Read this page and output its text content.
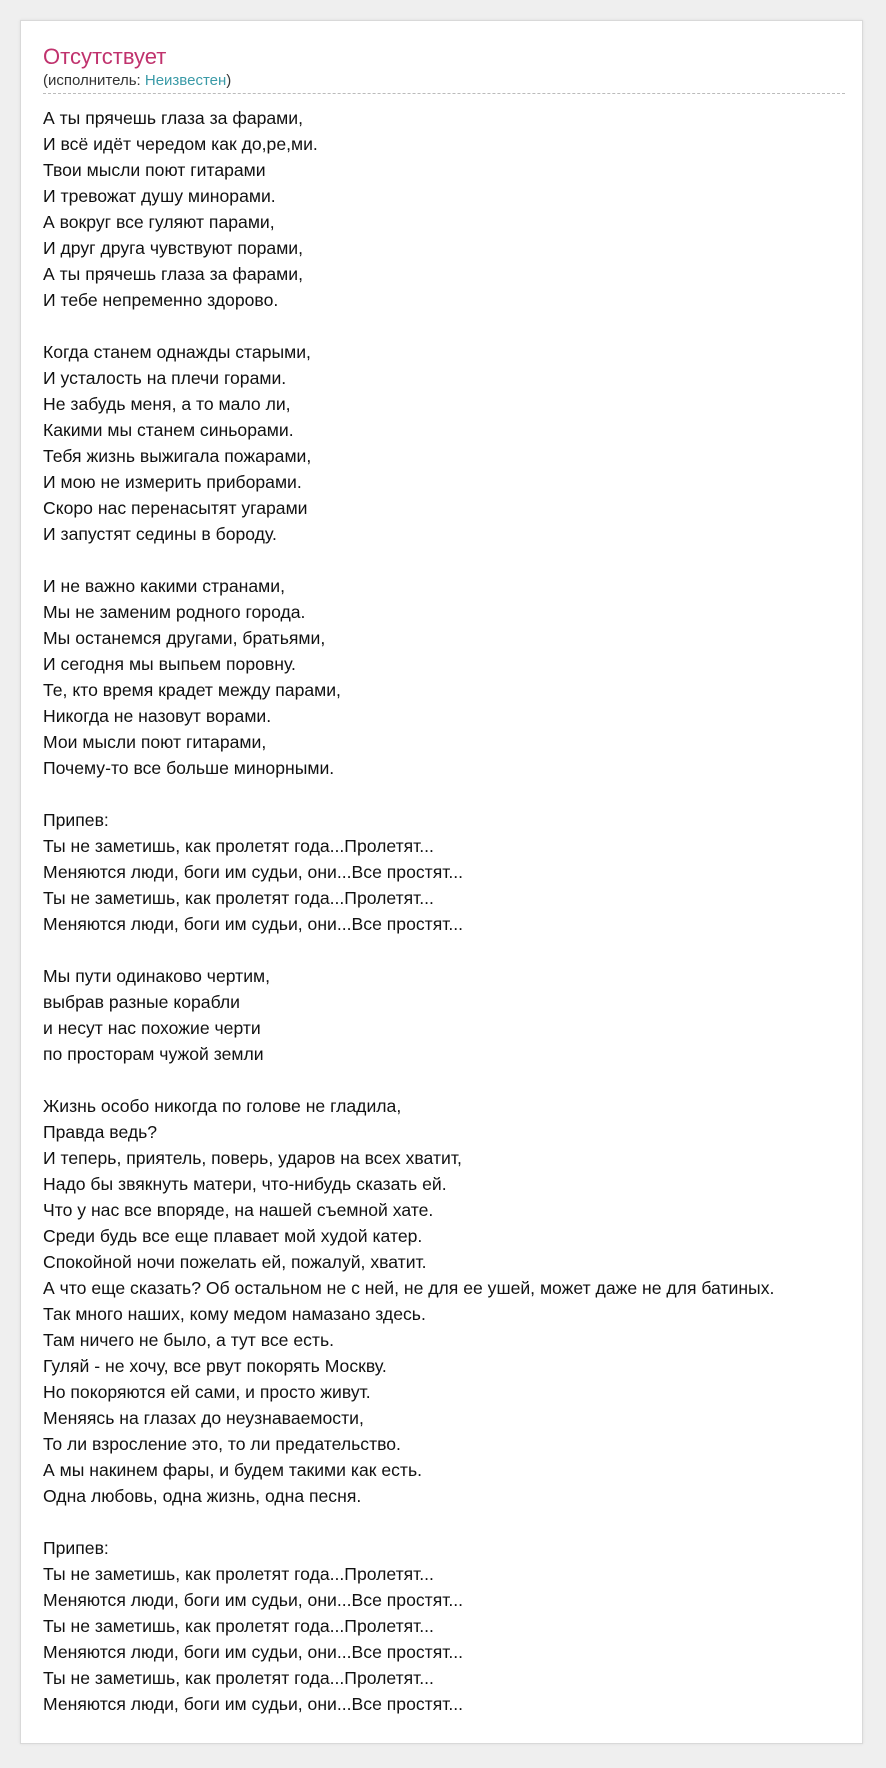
Отсутствует
(исполнитель: Неизвестен)
А ты прячешь глаза за фарами,
И всё идёт чередом как до,ре,ми.
Твои мысли поют гитарами
И тревожат душу минорами.
А вокруг все гуляют парами,
И друг друга чувствуют порами,
А ты прячешь глаза за фарами,
И тебе непременно здорово.
Когда станем однажды старыми,
И усталость на плечи горами.
Не забудь меня, а то мало ли,
Какими мы станем синьорами.
Тебя жизнь выжигала пожарами,
И мою не измерить приборами.
Скоро нас перенасытят угарами
И запустят седины в бороду.
И не важно какими странами,
Мы не заменим родного города.
Мы останемся другами, братьями,
И сегодня мы выпьем поровну.
Те, кто время крадет между парами,
Никогда не назовут ворами.
Мои мысли поют гитарами,
Почему-то все больше минорными.
Припев:
Ты не заметишь, как пролетят года...Пролетят...
Меняются люди, боги им судьи, они...Все простят...
Ты не заметишь, как пролетят года...Пролетят...
Меняются люди, боги им судьи, они...Все простят...
Мы пути одинаково чертим,
выбрав разные корабли
и несут нас похожие черти
по просторам чужой земли
Жизнь особо никогда по голове не гладила,
Правда ведь?
И теперь, приятель, поверь, ударов на всех хватит,
Надо бы звякнуть матери, что-нибудь сказать ей.
Что у нас все впоряде, на нашей съемной хате.
Среди будь все еще плавает мой худой катер.
Спокойной ночи пожелать ей, пожалуй, хватит.
А что еще сказать? Об остальном не с ней, не для ее ушей, может даже не для батиных.
Так много наших, кому медом намазано здесь.
Там ничего не было, а тут все есть.
Гуляй - не хочу, все рвут покорять Москву.
Но покоряются ей сами, и просто живут.
Меняясь на глазах до неузнаваемости,
То ли взросление это, то ли предательство.
А мы накинем фары, и будем такими как есть.
Одна любовь, одна жизнь, одна песня.
Припев:
Ты не заметишь, как пролетят года...Пролетят...
Меняются люди, боги им судьи, они...Все простят...
Ты не заметишь, как пролетят года...Пролетят...
Меняются люди, боги им судьи, они...Все простят...
Ты не заметишь, как пролетят года...Пролетят...
Меняются люди, боги им судьи, они...Все простят...
